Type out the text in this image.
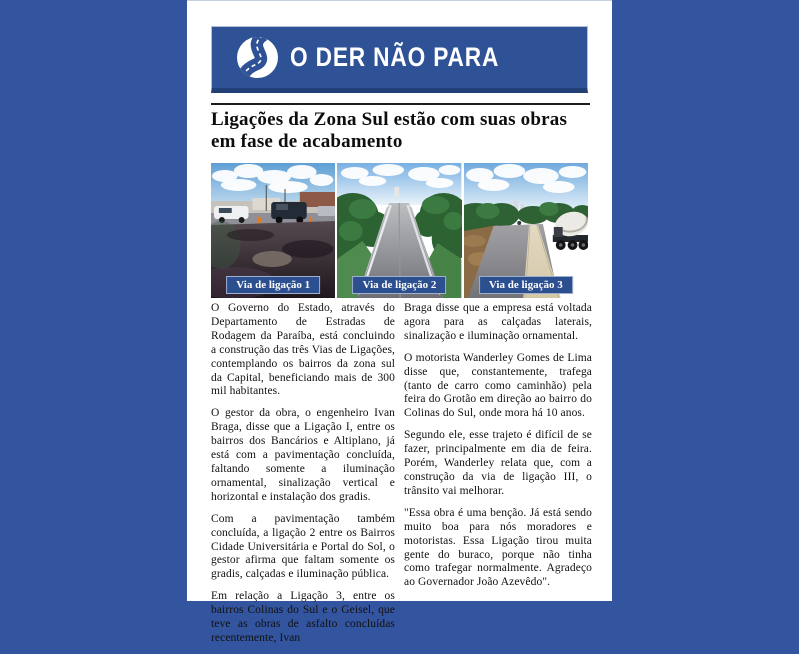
O DER NÃO PARA
Ligações da Zona Sul estão com suas obras em fase de acabamento
Via de ligação 1	Via de ligação 2	Via de ligação 3

O Governo do Estado, através do Departamento de Estradas de Rodagem da Paraíba, está concluindo a construção das três Vias de Ligações, contemplando os bairros da zona sul da Capital, beneficiando mais de 300 mil habitantes.

O gestor da obra, o engenheiro Ivan Braga, disse que a Ligação I, entre os bairros dos Bancários e Altiplano, já está com a pavimentação concluída, faltando somente a iluminação ornamental, sinalização vertical e horizontal e instalação dos gradis.

Com a pavimentação também concluída, a ligação 2 entre os Bairros Cidade Universitária e Portal do Sol, o gestor afirma que faltam somente os gradis, calçadas e iluminação pública.

Em relação a Ligação 3, entre os bairros Colinas do Sul e o Geisel, que teve as obras de asfalto concluídas recentemente, Ivan

Braga disse que a empresa está voltada agora para as calçadas laterais, sinalização e iluminação ornamental.

O motorista Wanderley Gomes de Lima disse que, constantemente, trafega (tanto de carro como caminhão) pela feira do Grotão em direção ao bairro do Colinas do Sul, onde mora há 10 anos.

Segundo ele, esse trajeto é difícil de se fazer, principalmente em dia de feira. Porém, Wanderley relata que, com a construção da via de ligação III, o trânsito vai melhorar.

"Essa obra é uma benção. Já está sendo muito boa para nós moradores e motoristas. Essa Ligação tirou muita gente do buraco, porque não tinha como trafegar normalmente. Agradeço ao Governador João Azevêdo".
